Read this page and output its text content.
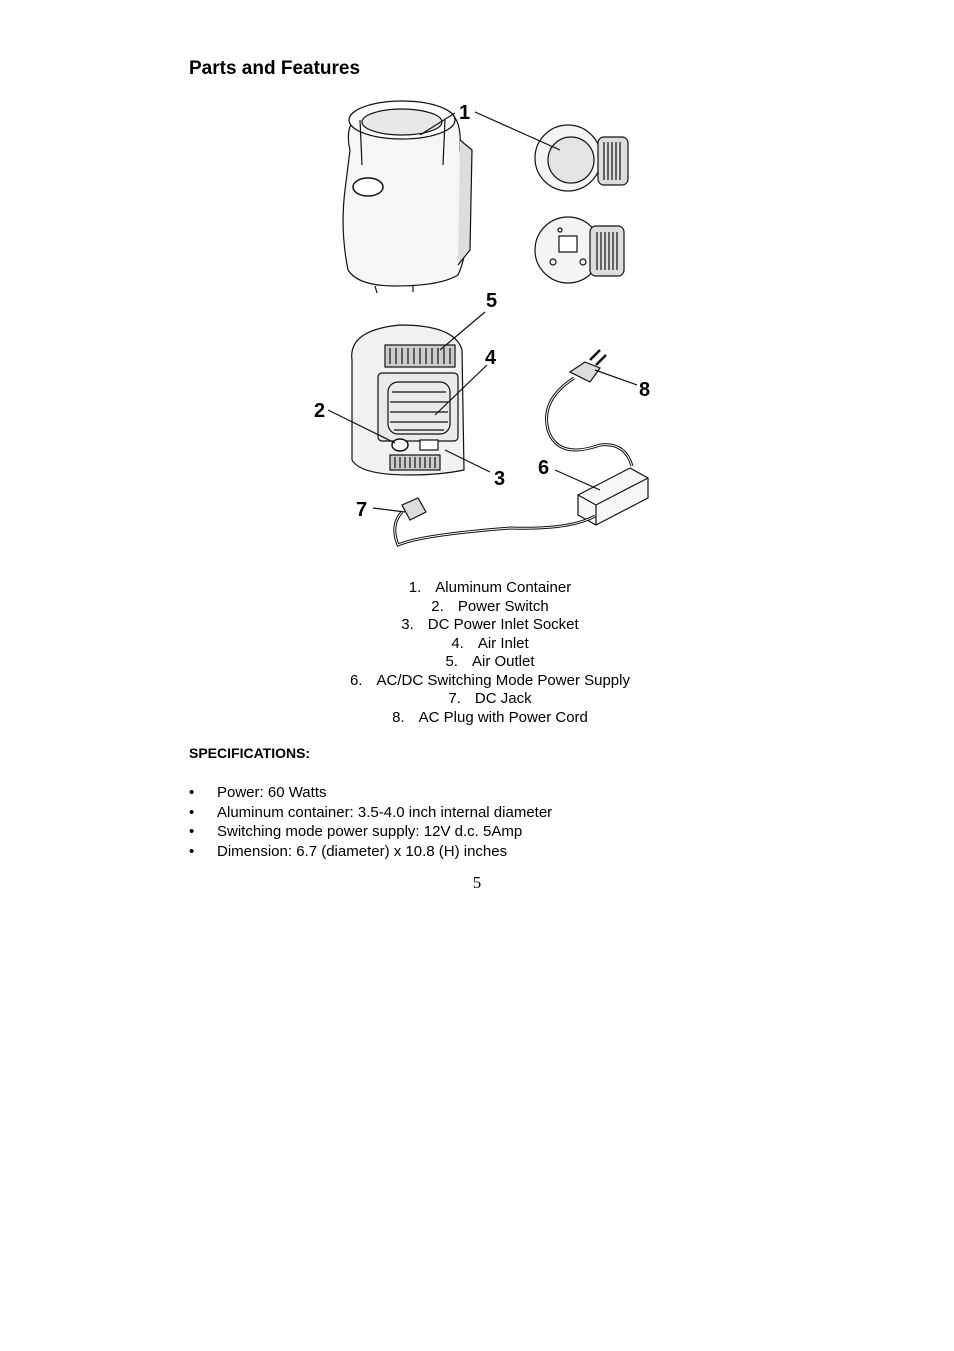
Parts and Features
1
2
3
4
5
6
7
8
1. Aluminum Container
2. Power Switch
3. DC Power Inlet Socket
4. Air Inlet
5. Air Outlet
6. AC/DC Switching Mode Power Supply
7. DC Jack
8. AC Plug with Power Cord
SPECIFICATIONS:
• Power: 60 Watts
• Aluminum container: 3.5-4.0 inch internal diameter
• Switching mode power supply: 12V d.c. 5Amp
• Dimension: 6.7 (diameter) x 10.8 (H) inches
5
